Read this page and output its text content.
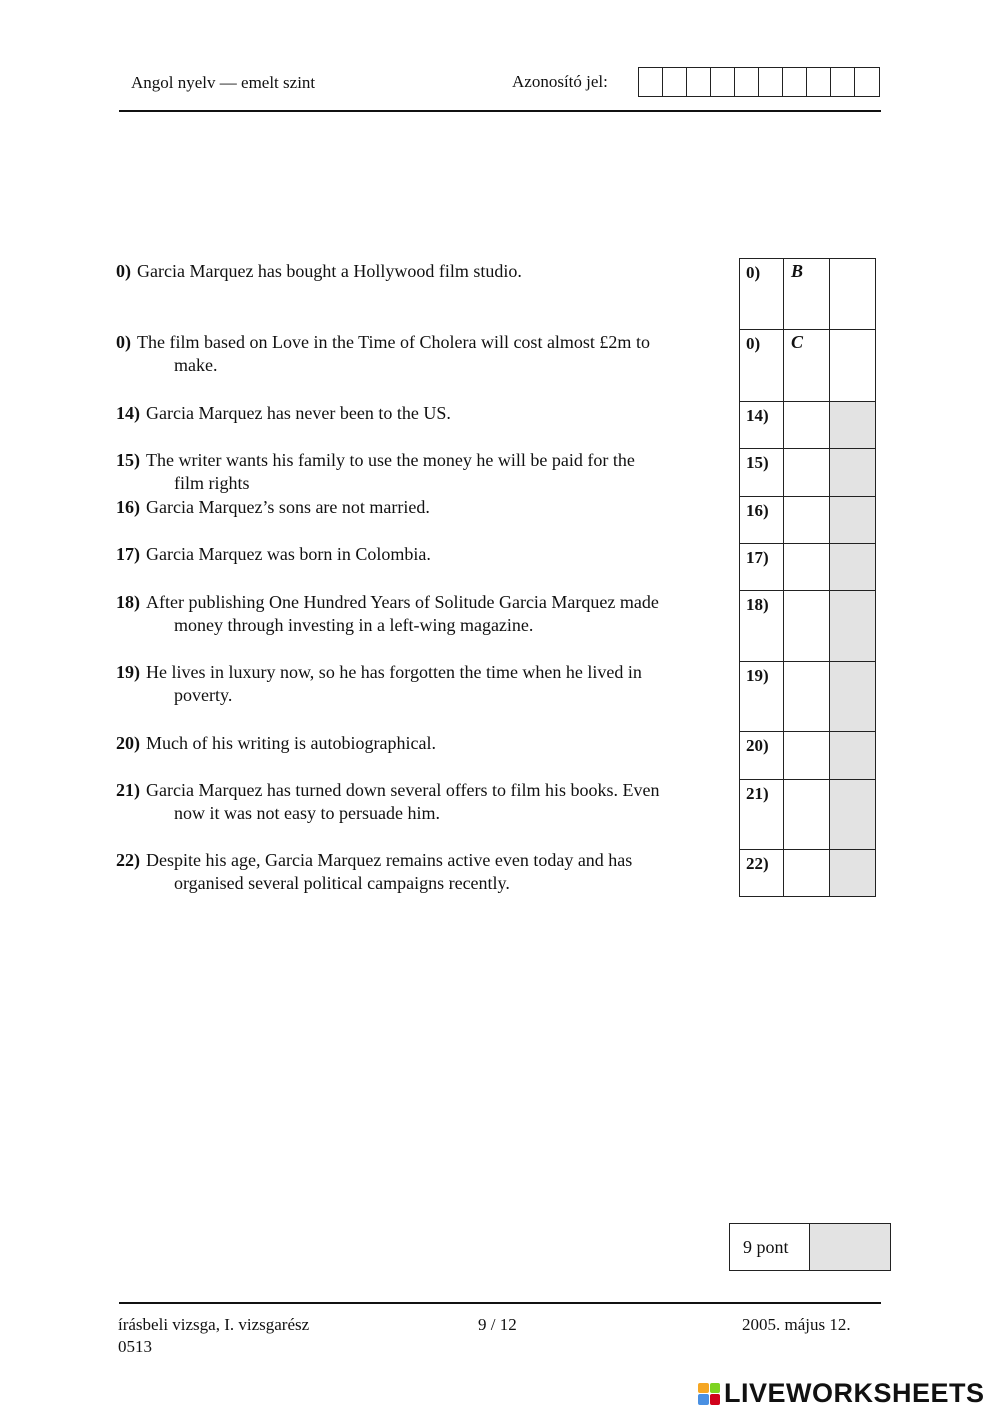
Angol nyelv — emelt szint	Azonosító jel:
0) Garcia Marquez has bought a Hollywood film studio.
0) The film based on Love in the Time of Cholera will cost almost £2m to
make.
14) Garcia Marquez has never been to the US.
15) The writer wants his family to use the money he will be paid for the
film rights
16) Garcia Marquez’s sons are not married.
17) Garcia Marquez was born in Colombia.
18) After publishing One Hundred Years of Solitude Garcia Marquez made
money through investing in a left-wing magazine.
19) He lives in luxury now, so he has forgotten the time when he lived in
poverty.
20) Much of his writing is autobiographical.
21) Garcia Marquez has turned down several offers to film his books. Even
now it was not easy to persuade him.
22) Despite his age, Garcia Marquez remains active even today and has
organised several political campaigns recently.
0)	B
0)	C
14)
15)
16)
17)
18)
19)
20)
21)
22)
9 pont
írásbeli vizsga, I. vizsgarész
0513
9 / 12	2005. május 12.
LIVEWORKSHEETS
